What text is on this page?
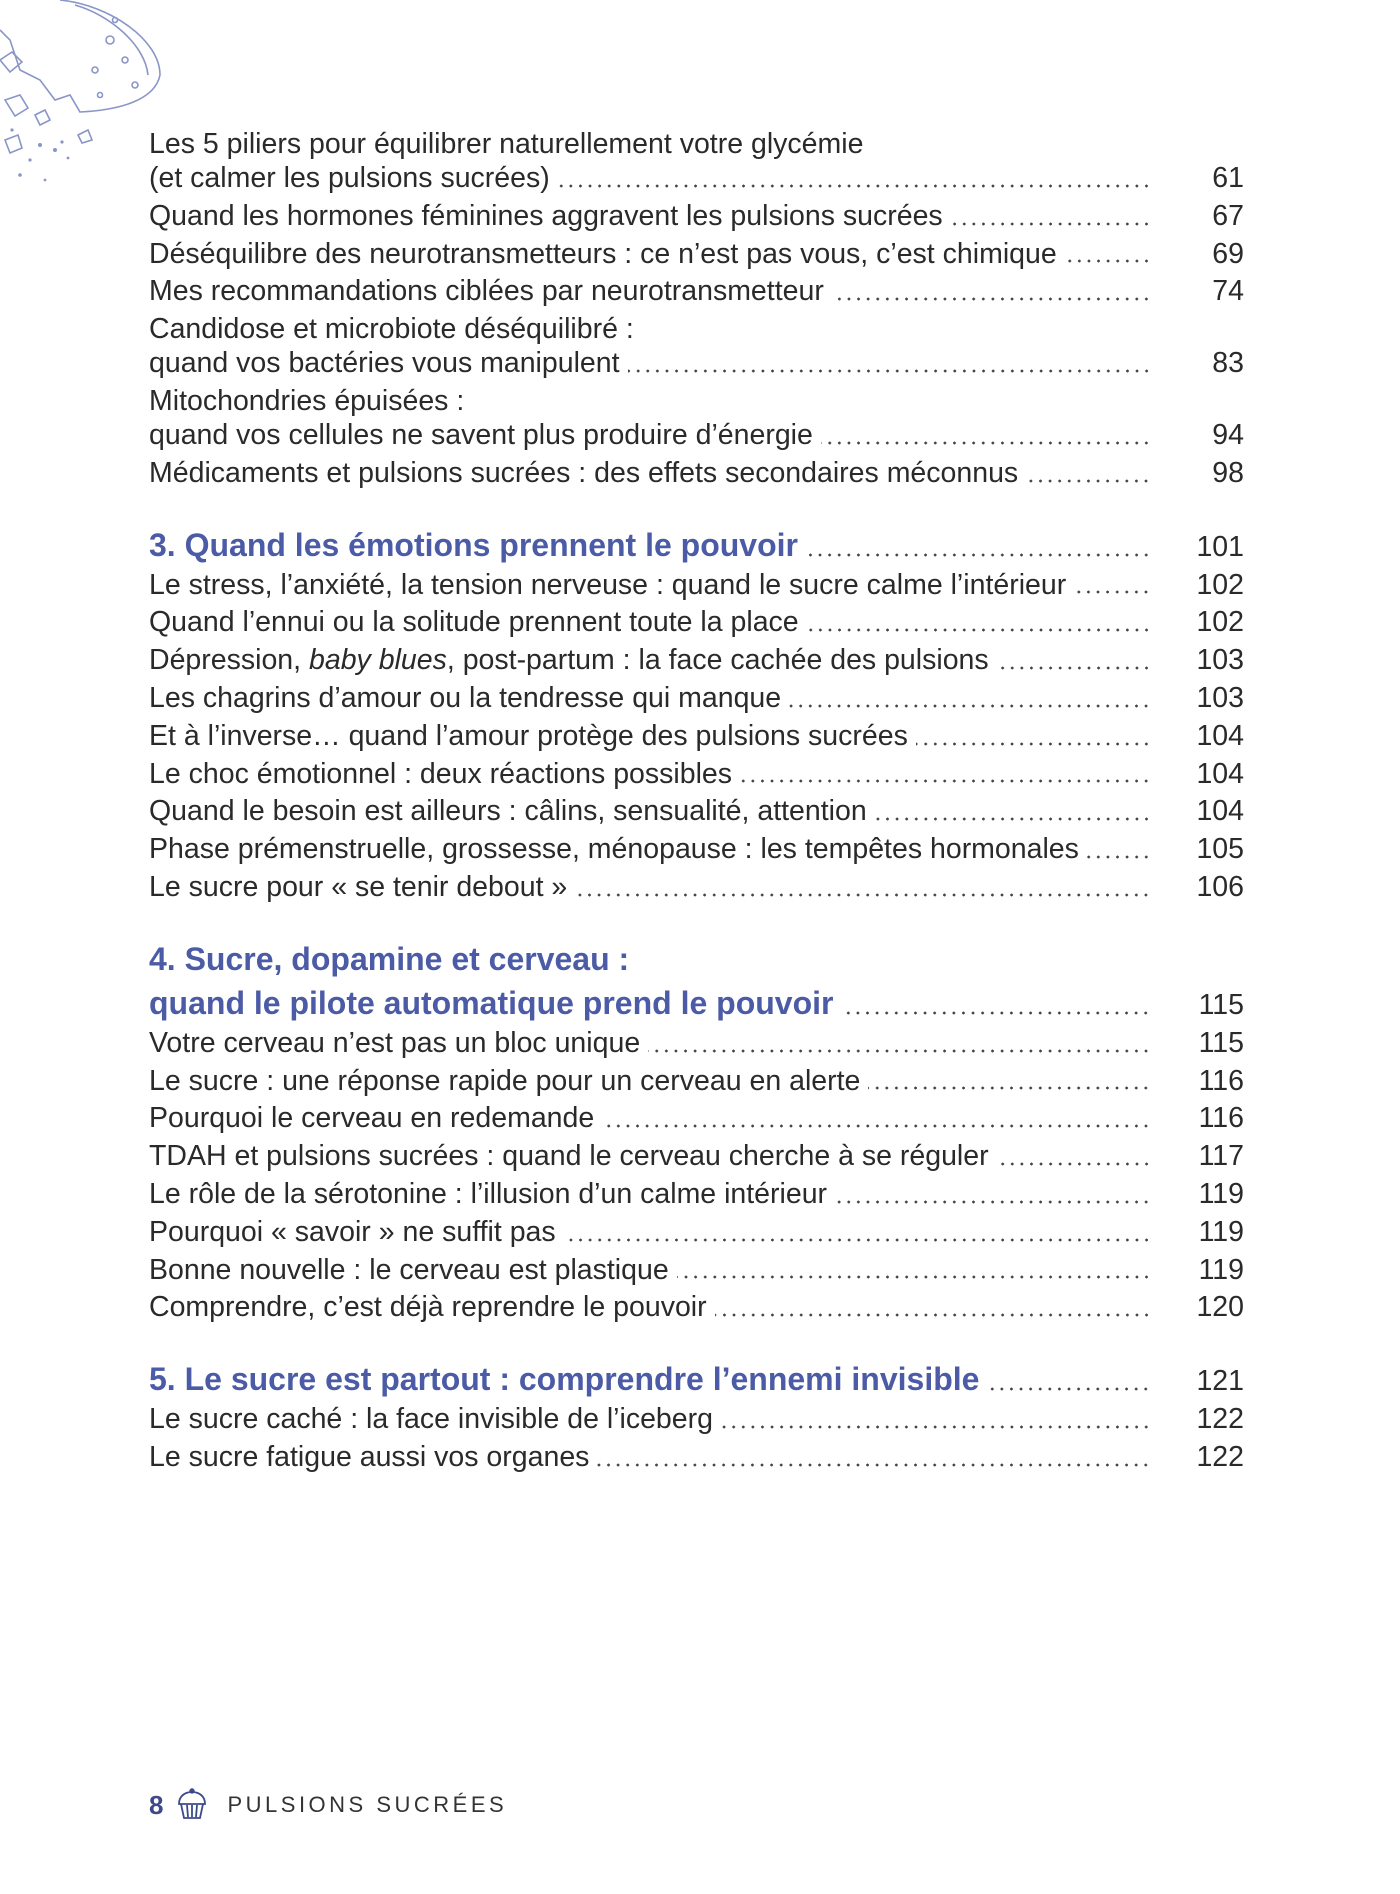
Les 5 piliers pour équilibrer naturellement votre glycémie
(et calmer les pulsions sucrées)	61
Quand les hormones féminines aggravent les pulsions sucrées	67
Déséquilibre des neurotransmetteurs : ce n’est pas vous, c’est chimique	69
Mes recommandations ciblées par neurotransmetteur	74
Candidose et microbiote déséquilibré :
quand vos bactéries vous manipulent	83
Mitochondries épuisées :
quand vos cellules ne savent plus produire d’énergie	94
Médicaments et pulsions sucrées : des effets secondaires méconnus	98
3. Quand les émotions prennent le pouvoir	101
Le stress, l’anxiété, la tension nerveuse : quand le sucre calme l’intérieur	102
Quand l’ennui ou la solitude prennent toute la place	102
Dépression, baby blues, post-partum : la face cachée des pulsions	103
Les chagrins d’amour ou la tendresse qui manque	103
Et à l’inverse… quand l’amour protège des pulsions sucrées	104
Le choc émotionnel : deux réactions possibles	104
Quand le besoin est ailleurs : câlins, sensualité, attention	104
Phase prémenstruelle, grossesse, ménopause : les tempêtes hormonales	105
Le sucre pour « se tenir debout »	106
4. Sucre, dopamine et cerveau :
quand le pilote automatique prend le pouvoir	115
Votre cerveau n’est pas un bloc unique	115
Le sucre : une réponse rapide pour un cerveau en alerte	116
Pourquoi le cerveau en redemande	116
TDAH et pulsions sucrées : quand le cerveau cherche à se réguler	117
Le rôle de la sérotonine : l’illusion d’un calme intérieur	119
Pourquoi « savoir » ne suffit pas	119
Bonne nouvelle : le cerveau est plastique	119
Comprendre, c’est déjà reprendre le pouvoir	120
5. Le sucre est partout : comprendre l’ennemi invisible	121
Le sucre caché : la face invisible de l’iceberg	122
Le sucre fatigue aussi vos organes	122
8	PULSIONS SUCRÉES
